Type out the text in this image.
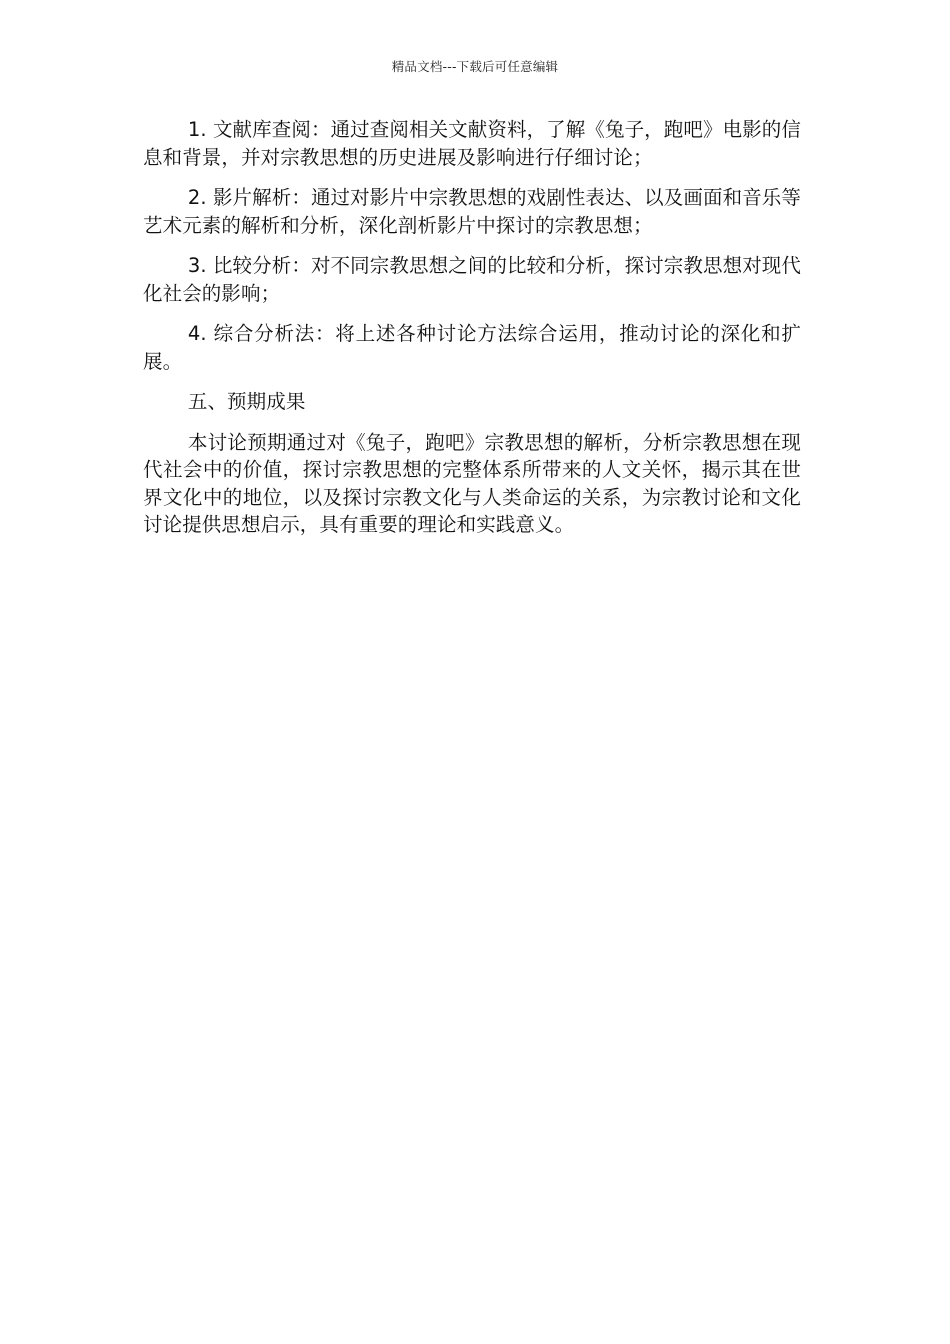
精品文档---下载后可任意编辑

1. 文献库查阅：通过查阅相关文献资料，了解《兔子，跑吧》电影的信息和背景，并对宗教思想的历史进展及影响进行仔细讨论；

2. 影片解析：通过对影片中宗教思想的戏剧性表达、以及画面和音乐等艺术元素的解析和分析，深化剖析影片中探讨的宗教思想；

3. 比较分析：对不同宗教思想之间的比较和分析，探讨宗教思想对现代化社会的影响；

4. 综合分析法：将上述各种讨论方法综合运用，推动讨论的深化和扩展。

五、预期成果

本讨论预期通过对《兔子，跑吧》宗教思想的解析，分析宗教思想在现代社会中的价值，探讨宗教思想的完整体系所带来的人文关怀，揭示其在世界文化中的地位，以及探讨宗教文化与人类命运的关系，为宗教讨论和文化讨论提供思想启示，具有重要的理论和实践意义。
